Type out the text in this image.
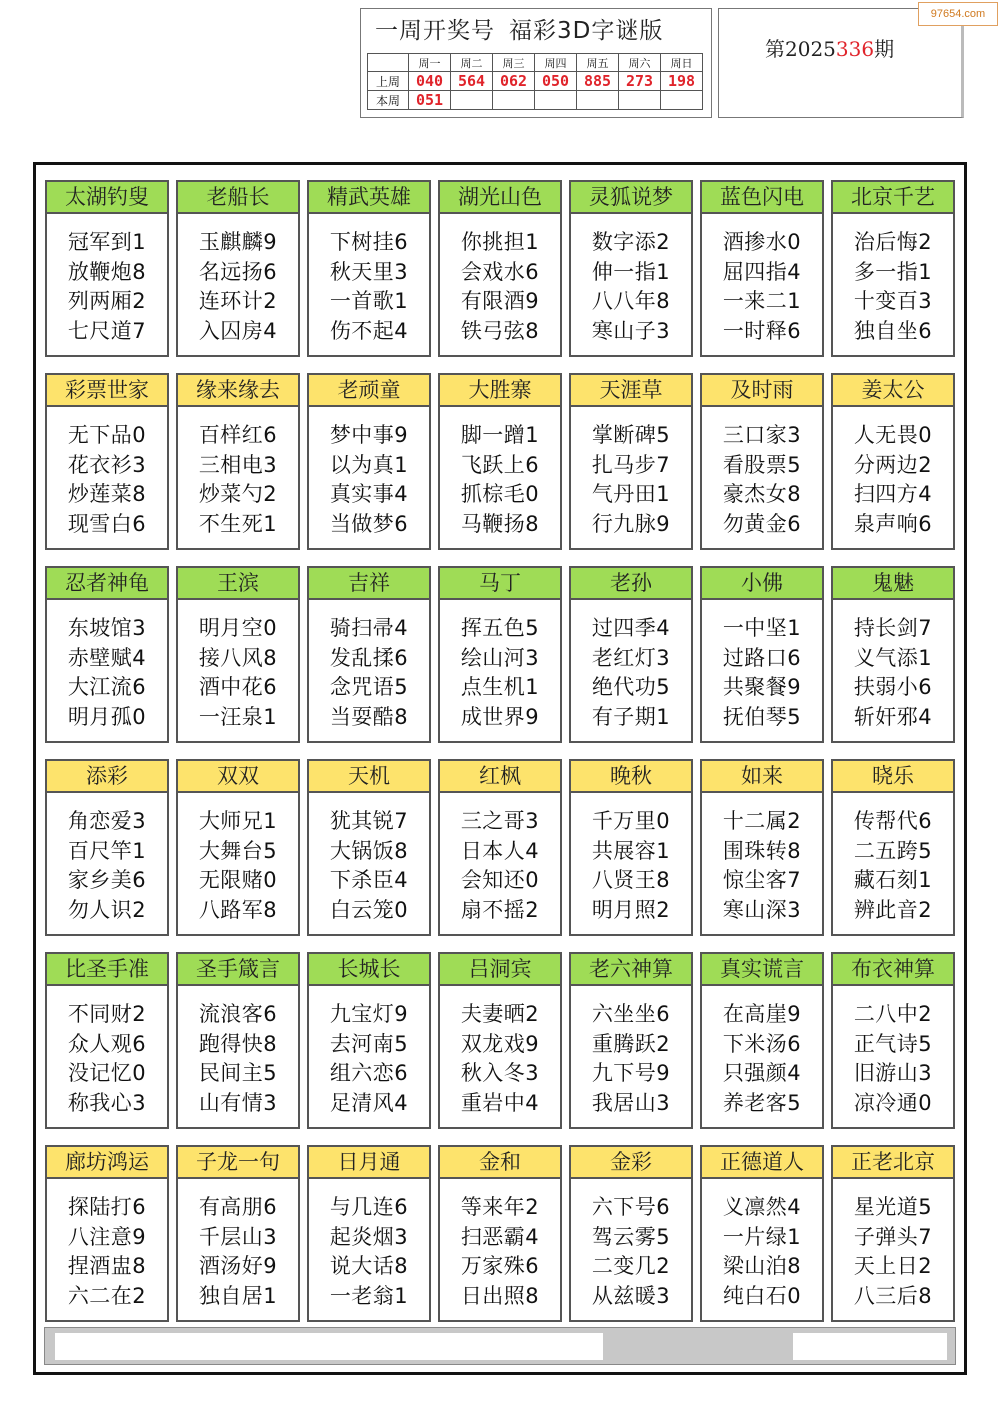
一周开奖号 福彩3D字谜版
	周一	周二	周三	周四	周五	周六	周日
上周	040	564	062	050	885	273	198
本周	051						
第2025336期
97654.com
太湖钓叟
冠军到1
放鞭炮8
列两厢2
七尺道7
老船长
玉麒麟9
名远扬6
连环计2
入囚房4
精武英雄
下树挂6
秋天里3
一首歌1
伤不起4
湖光山色
你挑担1
会戏水6
有限酒9
铁弓弦8
灵狐说梦
数字添2
伸一指1
八八年8
寒山子3
蓝色闪电
酒掺水0
屈四指4
一来二1
一时释6
北京千艺
治后悔2
多一指1
十变百3
独自坐6
彩票世家
无下品0
花衣衫3
炒莲菜8
现雪白6
缘来缘去
百样红6
三相电3
炒菜勺2
不生死1
老顽童
梦中事9
以为真1
真实事4
当做梦6
大胜寨
脚一蹭1
飞跃上6
抓棕毛0
马鞭扬8
天涯草
掌断碑5
扎马步7
气丹田1
行九脉9
及时雨
三口家3
看股票5
豪杰女8
勿黄金6
姜太公
人无畏0
分两边2
扫四方4
泉声响6
忍者神龟
东坡馆3
赤壁赋4
大江流6
明月孤0
王滨
明月空0
接八风8
酒中花6
一汪泉1
吉祥
骑扫帚4
发乱揉6
念咒语5
当耍酷8
马丁
挥五色5
绘山河3
点生机1
成世界9
老孙
过四季4
老红灯3
绝代功5
有子期1
小佛
一中坚1
过路口6
共聚餐9
抚伯琴5
鬼魅
持长剑7
义气添1
扶弱小6
斩奸邪4
添彩
角恋爱3
百尺竿1
家乡美6
勿人识2
双双
大师兄1
大舞台5
无限赌0
八路军8
天机
犹其锐7
大锅饭8
下杀臣4
白云笼0
红枫
三之哥3
日本人4
会知还0
扇不摇2
晚秋
千万里0
共展容1
八贤王8
明月照2
如来
十二属2
围珠转8
惊尘客7
寒山深3
晓乐
传帮代6
二五跨5
藏石刻1
辨此音2
比圣手准
不同财2
众人观6
没记忆0
称我心3
圣手箴言
流浪客6
跑得快8
民间主5
山有情3
长城长
九宝灯9
去河南5
组六恋6
足清风4
吕洞宾
夫妻晒2
双龙戏9
秋入冬3
重岩中4
老六神算
六坐坐6
重腾跃2
九下号9
我居山3
真实谎言
在高崖9
下米汤6
只强颜4
养老客5
布衣神算
二八中2
正气诗5
旧游山3
凉冷通0
廊坊鸿运
探陆打6
八注意9
捏酒盅8
六二在2
子龙一句
有高朋6
千层山3
酒汤好9
独自居1
日月通
与几连6
起炎烟3
说大话8
一老翁1
金和
等来年2
扫恶霸4
万家殊6
日出照8
金彩
六下号6
驾云雾5
二变几2
从兹暖3
正德道人
义凛然4
一片绿1
梁山泊8
纯白石0
正老北京
星光道5
子弹头7
天上日2
八三后8
